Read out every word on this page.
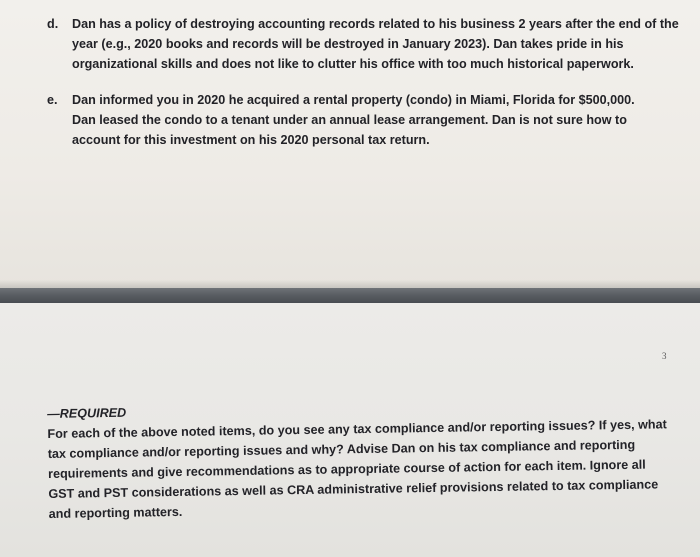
d. Dan has a policy of destroying accounting records related to his business 2 years after the end of the
year (e.g., 2020 books and records will be destroyed in January 2023). Dan takes pride in his
organizational skills and does not like to clutter his office with too much historical paperwork.
e. Dan informed you in 2020 he acquired a rental property (condo) in Miami, Florida for $500,000.
Dan leased the condo to a tenant under an annual lease arrangement. Dan is not sure how to
account for this investment on his 2020 personal tax return.
3
—REQUIRED
For each of the above noted items, do you see any tax compliance and/or reporting issues? If yes, what
tax compliance and/or reporting issues and why? Advise Dan on his tax compliance and reporting
requirements and give recommendations as to appropriate course of action for each item. Ignore all
GST and PST considerations as well as CRA administrative relief provisions related to tax compliance
and reporting matters.
